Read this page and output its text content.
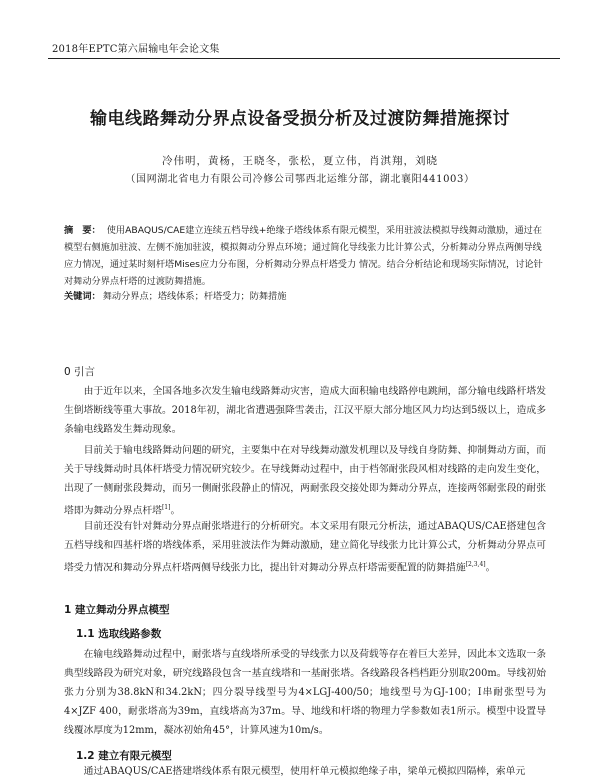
2018年EPTC第六届输电年会论文集
输电线路舞动分界点设备受损分析及过渡防舞措施探讨
冷伟明，黄杨，王晓冬，张松，夏立伟，肖淇翔，刘晓
（国网湖北省电力有限公司冷修公司鄂西北运维分部，湖北襄阳441003）
摘　要： 使用ABAQUS/CAE建立连续五档导线+绝缘子塔线体系有限元模型，采用驻波法模拟导线舞动激励，通过在模型右侧施加驻波、左侧不施加驻波，模拟舞动分界点环境；通过简化导线张力比计算公式，分析舞动分界点两侧导线应力情况，通过某时刻杆塔Mises应力分布图，分析舞动分界点杆塔受力 情况。结合分析结论和现场实际情况，讨论针对舞动分界点杆塔的过渡防舞措施。
关键词： 舞动分界点；塔线体系；杆塔受力；防舞措施
0 引言
由于近年以来，全国各地多次发生输电线路舞动灾害，造成大面积输电线路停电跳闸，部分输电线路杆塔发生倒塔断线等重大事故。2018年初，湖北省遭遇强降雪袭击，江汉平原大部分地区风力均达到5级以上，造成多条输电线路发生舞动现象。
目前关于输电线路舞动问题的研究，主要集中在对导线舞动激发机理以及导线自身防舞、抑制舞动方面，而关于导线舞动时具体杆塔受力情况研究较少。在导线舞动过程中，由于档邻耐张段风相对线路的走向发生变化，出现了一侧耐张段舞动，而另一侧耐张段静止的情况，两耐张段交接处即为舞动分界点，连接两邻耐张段的耐张塔即为舞动分界点杆塔[1]。
目前还没有针对舞动分界点耐张塔进行的分析研究。本文采用有限元分析法，通过ABAQUS/CAE搭建包含五档导线和四基杆塔的塔线体系，采用驻波法作为舞动激励，建立简化导线张力比计算公式，分析舞动分界点可塔受力情况和舞动分界点杆塔两侧导线张力比，提出针对舞动分界点杆塔需要配置的防舞措施[2,3,4]。
1 建立舞动分界点模型
1.1 选取线路参数
在输电线路舞动过程中，耐张塔与直线塔所承受的导线张力以及荷载等存在着巨大差异，因此本文选取一条典型线路段为研究对象，研究线路段包含一基直线塔和一基耐张塔。各线路段各档档距分别取200m。导线初始张力分别为38.8kN和34.2kN；四分裂导线型号为4×LGJ-400/50；地线型号为GJ-100；Ⅰ串耐张型号为4×JZF 400，耐张塔高为39m，直线塔高为37m。导、地线和杆塔的物理力学参数如表1所示。模型中设置导线覆冰厚度为12mm，凝冰初始角45°，计算风速为10m/s。
1.2 建立有限元模型
通过ABAQUS/CAE搭建塔线体系有限元模型，使用杆单元模拟绝缘子串，梁单元模拟四隔棒，索单元
